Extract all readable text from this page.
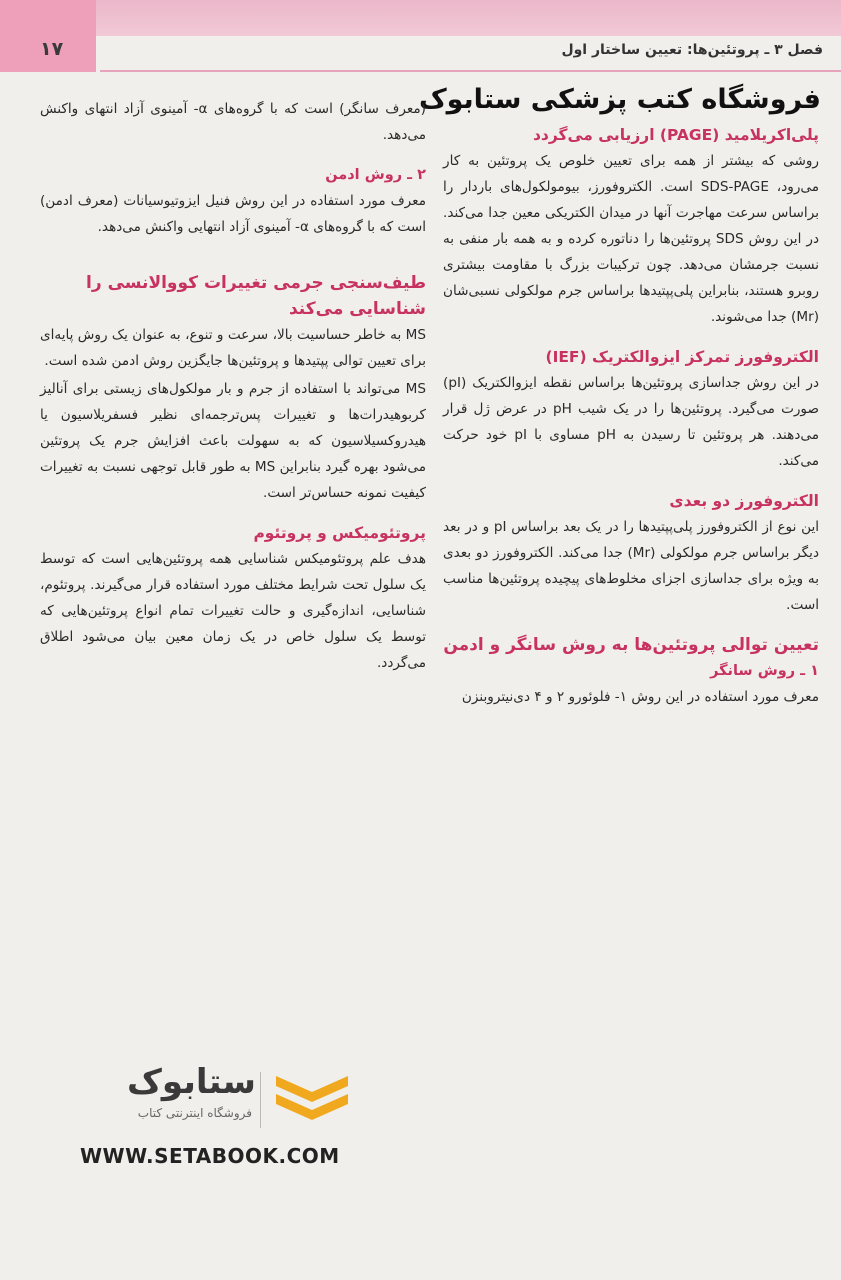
۱۷	فصل ۳ ـ پروتئین‌ها: تعیین ساختار اول
فروشگاه کتب پزشکی ستابوک

پلی‌اکریلامید (PAGE) ارزیابی می‌گردد

روشی که بیشتر از همه برای تعیین خلوص یک پروتئین به کار می‌رود، SDS-PAGE است. الکتروفورز، بیومولکول‌های باردار را براساس سرعت مهاجرت آنها در میدان الکتریکی معین جدا می‌کند. در این روش SDS پروتئین‌ها را دناتوره کرده و به همه بار منفی به نسبت جرمشان می‌دهد. چون ترکیبات بزرگ با مقاومت بیشتری روبرو هستند، بنابراین پلی‌پپتیدها براساس جرم مولکولی نسبی‌شان (Mr) جدا می‌شوند.

الکتروفورز تمرکز ایزوالکتریک (IEF)

در این روش جداسازی پروتئین‌ها براساس نقطه ایزوالکتریک (pI) صورت می‌گیرد. پروتئین‌ها را در یک شیب pH در عرض ژل قرار می‌دهند. هر پروتئین تا رسیدن به pH مساوی با pI خود حرکت می‌کند.

الکتروفورز دو بعدی

این نوع از الکتروفورز پلی‌پپتیدها را در یک بعد براساس pI و در بعد دیگر براساس جرم مولکولی (Mr) جدا می‌کند. الکتروفورز دو بعدی به ویژه برای جداسازی اجزای مخلوط‌های پیچیده پروتئین‌ها مناسب است.

تعیین توالی پروتئین‌ها به روش سانگر و ادمن

۱ ـ روش سانگر

معرف مورد استفاده در این روش ۱- فلوئورو ۲ و ۴ دی‌نیتروبنزن

(معرف سانگر) است که با گروه‌های α- آمینوی آزاد انتهای واکنش می‌دهد.

۲ ـ روش ادمن

معرف مورد استفاده در این روش فنیل ایزوتیوسیانات (معرف ادمن) است که با گروه‌های α- آمینوی آزاد انتهایی واکنش می‌دهد.

طیف‌سنجی جرمی تغییرات کووالانسی را شناسایی می‌کند

MS به خاطر حساسیت بالا، سرعت و تنوع، به عنوان یک روش پایه‌ای برای تعیین توالی پپتیدها و پروتئین‌ها جایگزین روش ادمن شده است.

MS می‌تواند با استفاده از جرم و بار مولکول‌های زیستی برای آنالیز کربوهیدرات‌ها و تغییرات پس‌ترجمه‌ای نظیر فسفریلاسیون یا هیدروکسیلاسیون که به سهولت باعث افزایش جرم یک پروتئین می‌شود بهره گیرد بنابراین MS به طور قابل توجهی نسبت به تغییرات کیفیت نمونه حساس‌تر است.

پروتئومیکس و پروتئوم

هدف علم پروتئومیکس شناسایی همه پروتئین‌هایی است که توسط یک سلول تحت شرایط مختلف مورد استفاده قرار می‌گیرند. پروتئوم، شناسایی، اندازه‌گیری و حالت تغییرات تمام انواع پروتئین‌هایی که توسط یک سلول خاص در یک زمان معین بیان می‌شود اطلاق می‌گردد.

ستابوک
فروشگاه اینترنتی کتاب
WWW.SETABOOK.COM
